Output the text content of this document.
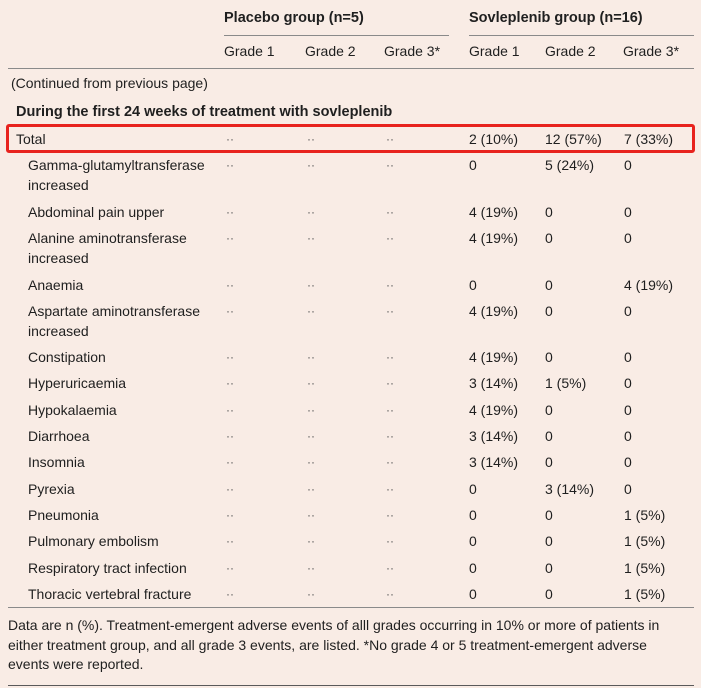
Placebo group (n=5)	Sovleplenib group (n=16)
Grade 1 Grade 2 Grade 3* Grade 1 Grade 2 Grade 3*
(Continued from previous page)
During the first 24 weeks of treatment with sovleplenib
Total	··	··	··	2 (10%) 12 (57%) 7 (33%)
Gamma-glutamyltransferase increased
··	··	··	0	5 (24%) 0
Abdominal pain upper	··	··	··	4 (19%) 0	0
Alanine aminotransferase increased
··	··	··	4 (19%) 0	0
Anaemia	··	··	··	0	0	4 (19%)
Aspartate aminotransferase increased
··	··	··	4 (19%) 0	0
Constipation	··	··	··	4 (19%) 0	0
Hyperuricaemia	··	··	··	3 (14%) 1 (5%)	0
Hypokalaemia	··	··	··	4 (19%) 0	0
Diarrhoea	··	··	··	3 (14%) 0	0
Insomnia	··	··	··	3 (14%) 0	0
Pyrexia	··	··	··	0	3 (14%) 0
Pneumonia	··	··	··	0	0	1 (5%)
Pulmonary embolism	··	··	··	0	0	1 (5%)
Respiratory tract infection	··	··	··	0	0	1 (5%)
Thoracic vertebral fracture	··	··	··	0	0	1 (5%)
Data are n (%). Treatment-emergent adverse events of alll grades occurring in 10% or more of patients in either treatment group, and all grade 3 events, are listed. *No grade 4 or 5 treatment-emergent adverse events were reported.
